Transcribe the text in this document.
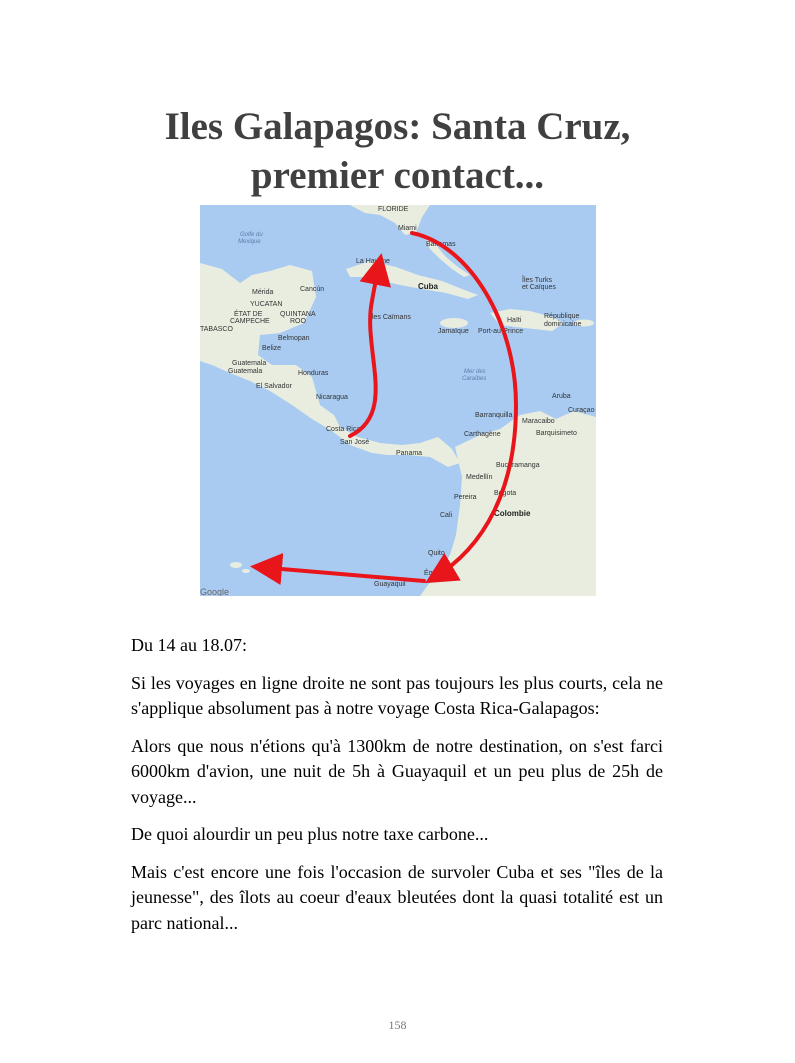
Iles Galapagos: Santa Cruz,
premier contact...
Golfe du
Mexique
FLORIDE
Miami
Bahamas
La Havane
Cancún
Mérida
YUCATAN
ÉTAT DE
CAMPECHE
QUINTANA
ROO
Cuba
Îles Turks
et Caïques
TABASCO
Îles Caïmans	Haïti
République
dominicaine
Jamaïque Port-au-Prince
Belmopan
Belize
Guatemala
Guatemala	Honduras	Mer des
Caraïbes
El Salvador
Nicaragua	Aruba
Curaçao
Barranquilla
Maracaibo
Carthagène	Barquisimeto
Costa Rica
San José
Panama
Bucaramanga
Medellín
Pereira
Bogota
Colombie
Cali
Quito
Équateur
Guayaquil
Google

Du 14 au 18.07:

Si les voyages en ligne droite ne sont pas toujours les plus courts, cela ne s'applique absolument pas à notre voyage Costa Rica-Galapagos:

Alors que nous n'étions qu'à 1300km de notre destination, on s'est farci 6000km d'avion, une nuit de 5h à Guayaquil et un peu plus de 25h de voyage...

De quoi alourdir un peu plus notre taxe carbone...

Mais c'est encore une fois l'occasion de survoler Cuba et ses "îles de la jeunesse", des îlots au coeur d'eaux bleutées dont la quasi totalité est un parc national...

158
